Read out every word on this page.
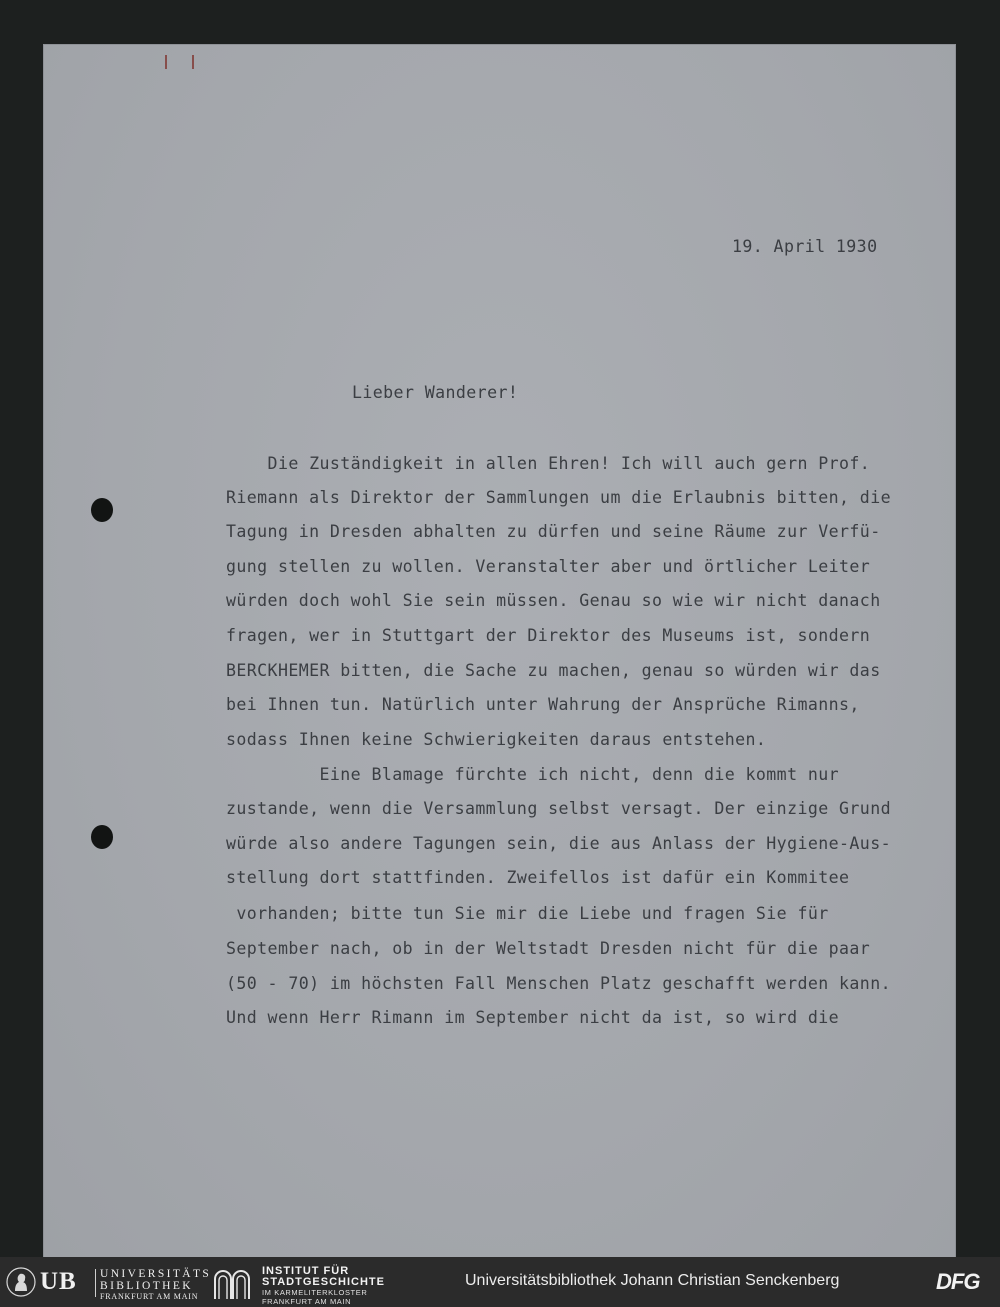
19. April 1930
Lieber Wanderer!
Die Zuständigkeit in allen Ehren! Ich will auch gern Prof.
Riemann als Direktor der Sammlungen um die Erlaubnis bitten, die
Tagung in Dresden abhalten zu dürfen und seine Räume zur Verfü-
gung stellen zu wollen. Veranstalter aber und örtlicher Leiter
würden doch wohl Sie sein müssen. Genau so wie wir nicht danach
fragen, wer in Stuttgart der Direktor des Museums ist, sondern
BERCKHEMER bitten, die Sache zu machen, genau so würden wir das
bei Ihnen tun. Natürlich unter Wahrung der Ansprüche Rimanns,
sodass Ihnen keine Schwierigkeiten daraus entstehen.
Eine Blamage fürchte ich nicht, denn die kommt nur
zustande, wenn die Versammlung selbst versagt. Der einzige Grund
würde also andere Tagungen sein, die aus Anlass der Hygiene-Aus-
stellung dort stattfinden. Zweifellos ist dafür ein Kommitee
vorhanden; bitte tun Sie mir die Liebe und fragen Sie für
September nach, ob in der Weltstadt Dresden nicht für die paar
(50 - 70) im höchsten Fall Menschen Platz geschafft werden kann.
Und wenn Herr Rimann im September nicht da ist, so wird die
UB UNIVERSITÄTS
BIBLIOTHEK
FRANKFURT AM MAIN
INSTITUT FÜR
STADTGESCHICHTE
IM KARMELITERKLOSTER
FRANKFURT AM MAIN
Universitätsbibliothek Johann Christian Senckenberg	DFG
